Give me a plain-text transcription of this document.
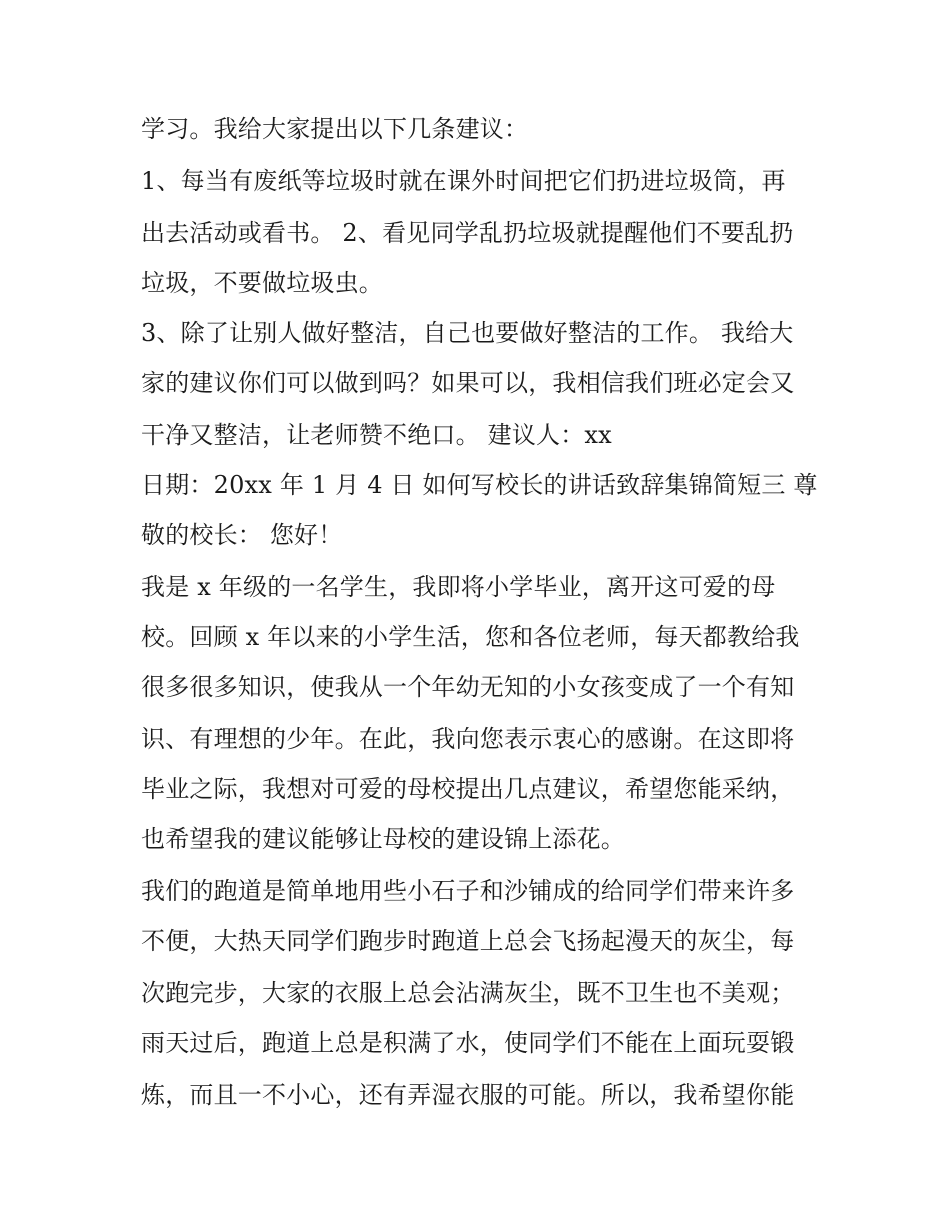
学习。我给大家提出以下几条建议：
1、每当有废纸等垃圾时就在课外时间把它们扔进垃圾筒，再
出去活动或看书。 2、看见同学乱扔垃圾就提醒他们不要乱扔
垃圾，不要做垃圾虫。
3、除了让别人做好整洁，自己也要做好整洁的工作。 我给大
家的建议你们可以做到吗？如果可以，我相信我们班必定会又
干净又整洁，让老师赞不绝口。 建议人：xx
日期：20xx 年 1 月 4 日 如何写校长的讲话致辞集锦简短三 尊
敬的校长： 您好！
我是 x 年级的一名学生，我即将小学毕业，离开这可爱的母
校。回顾 x 年以来的小学生活，您和各位老师，每天都教给我
很多很多知识，使我从一个年幼无知的小女孩变成了一个有知
识、有理想的少年。在此，我向您表示衷心的感谢。在这即将
毕业之际，我想对可爱的母校提出几点建议，希望您能采纳，
也希望我的建议能够让母校的建设锦上添花。
我们的跑道是简单地用些小石子和沙铺成的给同学们带来许多
不便，大热天同学们跑步时跑道上总会飞扬起漫天的灰尘，每
次跑完步，大家的衣服上总会沾满灰尘，既不卫生也不美观；
雨天过后，跑道上总是积满了水，使同学们不能在上面玩耍锻
炼，而且一不小心，还有弄湿衣服的可能。所以，我希望你能
